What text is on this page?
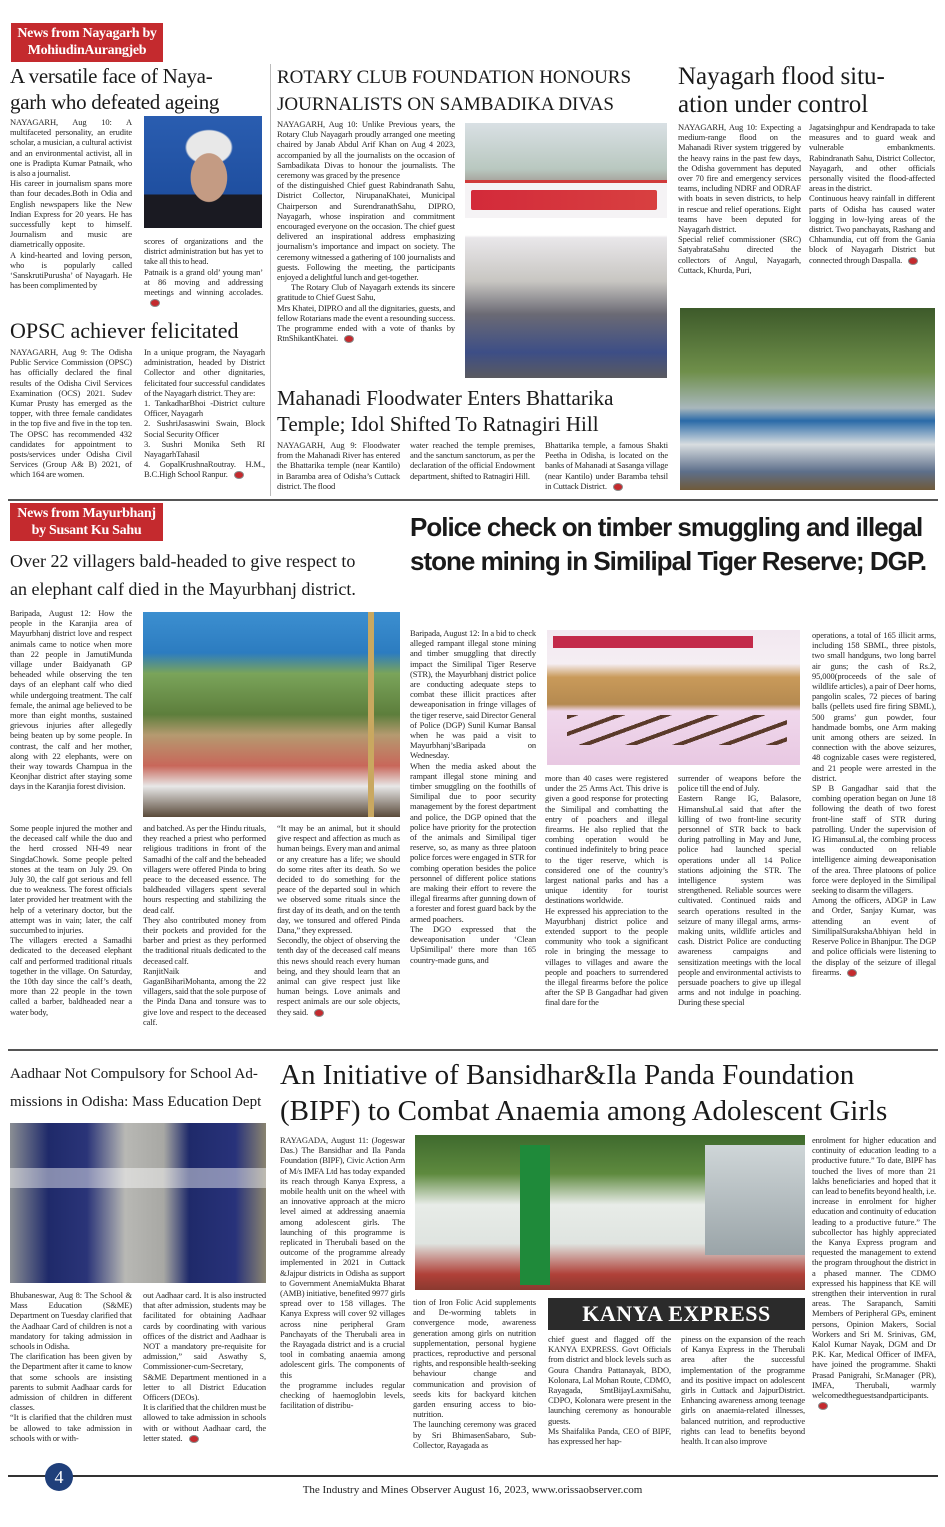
News from Nayagarh by
MohiudinAurangjeb
A versatile face of Naya-
garh who defeated ageing

NAYAGARH, Aug 10: A multifaceted personality, an erudite scholar, a musician, a cultural activist and an environmental activist, all in one is Pradipta Kumar Patnaik, who is also a journalist.

His career in journalism spans more than four decades.Both in Odia and English newspapers like the New Indian Express for 20 years. He has successfully kept to himself. Journalism and music are diametrically opposite.

A kind-hearted and loving person, who is popularly called ‘SanskrutiPurusha’ of Nayagarh. He has been complimented by

scores of organizations and the district administration but has yet to take all this to head.

Patnaik is a grand old’ young man’ at 86 moving and addressing meetings and winning accolades.

OPSC achiever felicitated

NAYAGARH, Aug 9: The Odisha Public Service Commission (OPSC) has officially declared the final results of the Odisha Civil Services Examination (OCS) 2021. Sudev Kumar Prusty has emerged as the topper, with three female candidates in the top five and five in the top ten. The OPSC has recommended 432 candidates for appointment to posts/services under Odisha Civil Services (Group A& B) 2021, of which 164 are women.

In a unique program, the Nayagarh administration, headed by District Collector and other dignitaries, felicitated four successful candidates of the Nayagarh district. They are:

1. TankadharBhoi -District culture Officer, Nayagarh

2. SushriJasaswini Swain, Block Social Security Officer

3. Sushri Monika Seth RI NayagarhTahasil

4. GopalKrushnaRoutray. H.M., B.C.High School Ranpur.

ROTARY CLUB FOUNDATION HONOURS
JOURNALISTS ON SAMBADIKA DIVAS

NAYAGARH, Aug 10: Unlike Previous years, the Rotary Club Nayagarh proudly arranged one meeting chaired by Janab Abdul Arif Khan on Aug 4 2023, accompanied by all the journalists on the occasion of Sambadikata Divas to honour the journalists. The ceremony was graced by the presence

of the distinguished Chief guest Rabindranath Sahu, District Collector, NirupanaKhatei, Municipal Chairperson and SurendranathSahu, DIPRO, Nayagarh, whose inspiration and commitment encouraged everyone on the occasion. The chief guest delivered an inspirational address emphasizing journalism’s importance and impact on society. The ceremony witnessed a gathering of 100 journalists and guests. Following the meeting, the participants enjoyed a delightful lunch and get-together.

The Rotary Club of Nayagarh extends its sincere gratitude to Chief Guest Sahu,

Mrs Khatei, DIPRO and all the dignitaries, guests, and fellow Rotarians made the event a resounding success. The programme ended with a vote of thanks by RtnShikantKhatei.

Mahanadi Floodwater Enters Bhattarika
Temple; Idol Shifted To Ratnagiri Hill

NAYAGARH, Aug 9: Floodwater from the Mahanadi River has entered the Bhattarika temple (near Kantilo) in Baramba area of Odisha’s Cuttack district. The flood

water reached the temple premises, and the sanctum sanctorum, as per the declaration of the official Endowment department, shifted to Ratnagiri Hill.

Bhattarika temple, a famous Shakti Peetha in Odisha, is located on the banks of Mahanadi at Sasanga village (near Kantilo) under Baramba tehsil in Cuttack District.

Nayagarh flood situ-
ation under control

NAYAGARH, Aug 10: Expecting a medium-range flood on the Mahanadi River system triggered by the heavy rains in the past few days, the Odisha government has deputed over 70 fire and emergency services teams, including NDRF and ODRAF with boats in seven districts, to help in rescue and relief operations. Eight teams have been deputed for Nayagarh district.

Special relief commissioner (SRC) SatyabrataSahu directed the collectors of Angul, Nayagarh, Cuttack, Khurda, Puri,

Jagatsinghpur and Kendrapada to take measures and to guard weak and vulnerable embankments. Rabindranath Sahu, District Collector, Nayagarh, and other officials personally visited the flood-affected areas in the district.

Continuous heavy rainfall in different parts of Odisha has caused water logging in low-lying areas of the district. Two panchayats, Rashang and Chhamundia, cut off from the Gania block of Nayagarh District but connected through Daspalla.

News from Mayurbhanj
by Susant Ku Sahu
Over 22 villagers bald-headed to give respect to
an elephant calf died in the Mayurbhanj district.

Baripada, August 12: How the people in the Karanjia area of Mayurbhanj district love and respect animals came to notice when more than 22 people in JamutiMunda village under Baidyanath GP beheaded while observing the ten days of an elephant calf who died while undergoing treatment. The calf female, the animal age believed to be more than eight months, sustained grievous injuries after allegedly being beaten up by some people. In contrast, the calf and her mother, along with 22 elephants, were on their way towards Champua in the Keonjhar district after staying some days in the Karanjia forest division.

Some people injured the mother and the deceased calf while the duo and the herd crossed NH-49 near SingdaChowk. Some people pelted stones at the team on July 29. On July 30, the calf got serious and fell due to weakness. The forest officials later provided her treatment with the help of a veterinary doctor, but the attempt was in vain; later, the calf succumbed to injuries.

The villagers erected a Samadhi dedicated to the deceased elephant calf and performed traditional rituals together in the village. On Saturday, the 10th day since the calf’s death, more than 22 people in the town called a barber, baldheaded near a water body,

and batched. As per the Hindu rituals, they reached a priest who performed religious traditions in front of the Samadhi of the calf and the beheaded villagers were offered Pinda to bring peace to the deceased essence. The baldheaded villagers spent several hours respecting and stabilizing the dead calf.

They also contributed money from their pockets and provided for the barber and priest as they performed the traditional rituals dedicated to the deceased calf.

RanjitNaik and GaganBihariMohanta, among the 22 villagers, said that the sole purpose of the Pinda Dana and tonsure was to give love and respect to the deceased calf.

“It may be an animal, but it should give respect and affection as much as human beings. Every man and animal or any creature has a life; we should do some rites after its death. So we decided to do something for the peace of the departed soul in which we observed some rituals since the first day of its death, and on the tenth day, we tonsured and offered Pinda Dana,” they expressed.

Secondly, the object of observing the tenth day of the deceased calf means this news should reach every human being, and they should learn that an animal can give respect just like human beings. Love animals and respect animals are our sole objects, they said.

Police check on timber smuggling and illegal stone mining in Similipal Tiger Reserve; DGP.

Baripada, August 12: In a bid to check alleged rampant illegal stone mining and timber smuggling that directly impact the Similipal Tiger Reserve (STR), the Mayurbhanj district police are conducting adequate steps to combat these illicit practices after deweaponisation in fringe villages of the tiger reserve, said Director General of Police (DGP) Sunil Kumar Bansal when he was paid a visit to Mayurbhanj’sBaripada on Wednesday.

When the media asked about the rampant illegal stone mining and timber smuggling on the foothills of Similipal due to poor security management by the forest department and police, the DGP opined that the police have priority for the protection of the animals and Similipal tiger reserve, so, as many as three platoon police forces were engaged in STR for combing operation besides the police personnel of different police stations are making their effort to revere the illegal firearms after gunning down of a forester and forest guard back by the armed poachers.

The DGO expressed that the deweaponisation under ‘Clean UpSimilipal’ there more than 165 country-made guns, and

more than 40 cases were registered under the 25 Arms Act. This drive is given a good response for protecting the Similipal and combatting the entry of poachers and illegal firearms. He also replied that the combing operation would be continued indefinitely to bring peace to the tiger reserve, which is considered one of the country’s largest national parks and has a unique identity for tourist destinations worldwide.

He expressed his appreciation to the Mayurbhanj district police and extended support to the people community who took a significant role in bringing the message to villages to villages and aware the people and poachers to surrendered the illegal firearms before the police after the SP B Gangadhar had given final dare for the

surrender of weapons before the police till the end of July.

Eastern Range IG, Balasore, HimanshuLal said that after the killing of two front-line security personnel of STR back to back during patrolling in May and June, police had launched special operations under all 14 Police stations adjoining the STR. The intelligence system was strengthened. Reliable sources were cultivated. Continued raids and search operations resulted in the seizure of many illegal arms, arms-making units, wildlife articles and cash. District Police are conducting awareness campaigns and sensitization meetings with the local people and environmental activists to persuade poachers to give up illegal arms and not indulge in poaching. During these special

operations, a total of 165 illicit arms, including 158 SBML, three pistols, two small handguns, two long barrel air guns; the cash of Rs.2, 95,000(proceeds of the sale of wildlife articles), a pair of Deer horns, pangolin scales, 72 pieces of baring balls (pellets used fire firing SBML), 500 grams’ gun powder, four handmade bombs, one Arm making unit among others are seized. In connection with the above seizures, 48 cognizable cases were registered, and 21 people were arrested in the district.

SP B Gangadhar said that the combing operation began on June 18 following the death of two forest front-line staff of STR during patrolling. Under the supervision of IG HimansuLal, the combing process was conducted on reliable intelligence aiming deweaponisation of the area. Three platoons of police force were deployed in the Similipal seeking to disarm the villagers.

Among the officers, ADGP in Law and Order, Sanjay Kumar, was attending an event of SimilipalSurakshaAbhiyan held in Reserve Police in Bhanjpur. The DGP and police officials were listening to the display of the seizure of illegal firearms.

Aadhaar Not Compulsory for School Ad-
missions in Odisha: Mass Education Dept

Bhubaneswar, Aug 8: The School & Mass Education (S&ME) Department on Tuesday clarified that the Aadhaar Card of children is not a mandatory for taking admission in schools in Odisha.

The clarification has been given by the Department after it came to know that some schools are insisting parents to submit Aadhaar cards for admission of children in different classes.

“It is clarified that the children must be allowed to take admission in schools with or with-

out Aadhaar card. It is also instructed that after admission, students may be facilitated for obtaining Aadhaar cards by coordinating with various offices of the district and Aadhaar is NOT a mandatory pre-requisite for admission,” said Aswathy S, Commissioner-cum-Secretary, S&ME Department mentioned in a letter to all District Education Officers (DEOs).

It is clarified that the children must be allowed to take admission in schools with or without Aadhaar card, the letter stated.

An Initiative of Bansidhar&Ila Panda Foundation
(BIPF) to Combat Anaemia among Adolescent Girls

RAYAGADA, August 11: (Jogeswar Das.) The Bansidhar and Ila Panda Foundation (BIPF), Civic Action Arm of M/s IMFA Ltd has today expanded its reach through Kanya Express, a mobile health unit on the wheel with an innovative approach at the micro level aimed at addressing anaemia among adolescent girls. The launching of this programme is replicated in Therubali based on the outcome of the programme already implemented in 2021 in Cuttack &Jajpur districts in Odisha as support to Government AnemiaMukta Bharat (AMB) initiative, benefited 9977 girls spread over to 158 villages. The Kanya Express will cover 92 villages across nine peripheral Gram Panchayats of the Therubali area in the Rayagada district and is a crucial tool in combating anaemia among adolescent girls. The components of this

the programme includes regular checking of haemoglobin levels, facilitation of distribu-

tion of Iron Folic Acid supplements and De-worming tablets in convergence mode, awareness generation among girls on nutrition supplementation, personal hygiene practices, reproductive and personal rights, and responsible health-seeking behaviour change and communication and provision of seeds kits for backyard kitchen garden ensuring access to bio-nutrition.

The launching ceremony was graced by Sri BhimasenSabaro, Sub-Collector, Rayagada as

KANYA EXPRESS

chief guest and flagged off the KANYA EXPRESS. Govt Officials from district and block levels such as Goura Chandra Pattanayak, BDO, Kolonara, Lal Mohan Route, CDMO, Rayagada, SmtBijayLaxmiSahu, CDPO, Kolonara were present in the launching ceremony as honourable guests.

Ms Shaifalika Panda, CEO of BIPF, has expressed her hap-

piness on the expansion of the reach of Kanya Express in the Therubali area after the successful implementation of the programme and its positive impact on adolescent girls in Cuttack and JajpurDistrict. Enhancing awareness among teenage girls on anaemia-related illnesses, balanced nutrition, and reproductive rights can lead to benefits beyond health. It can also improve

enrolment for higher education and continuity of education leading to a productive future.” To date, BIPF has touched the lives of more than 21 lakhs beneficiaries and hoped that it can lead to benefits beyond health, i.e. increase in enrolment for higher education and continuity of education leading to a productive future.” The subcollector has highly appreciated the Kanya Express program and requested the management to extend the program throughout the district in a phased manner. The CDMO expressed his happiness that KE will strengthen their intervention in rural areas. The Sarapanch, Samiti Members of Peripheral GPs, eminent persons, Opinion Makers, Social Workers and Sri M. Srinivas, GM, Kalol Kumar Nayak, DGM and Dr P.K. Kar, Medical Officer of IMFA, have joined the programme. Shakti Prasad Panigrahi, Sr.Manager (PR), IMFA, Therubali, warmly welcomedtheguestsandparticipants.

4
The Industry and Mines Observer August 16, 2023, www.orissaobserver.com
